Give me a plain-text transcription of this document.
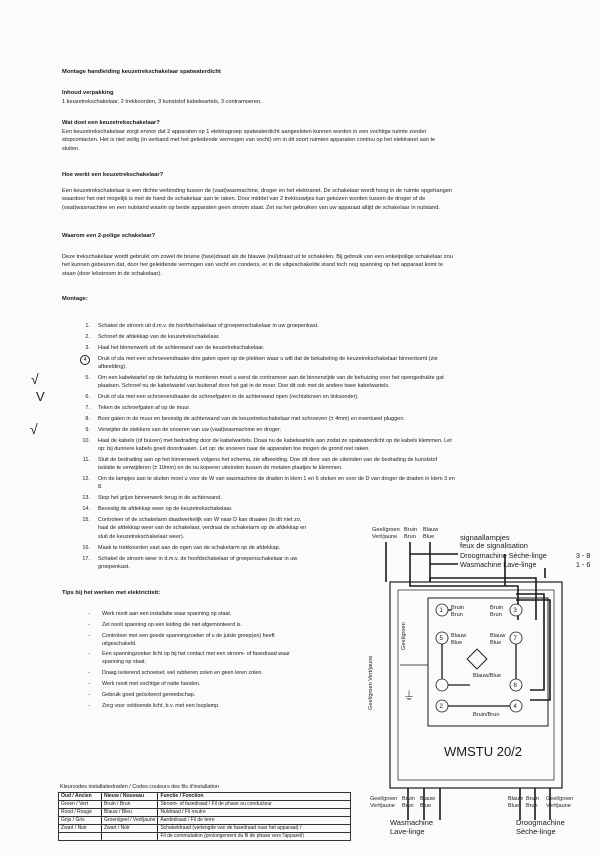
Montage handleiding keuzetrekschakelaar spatwaterdicht
Inhoud verpakking
1 keuzetrekschakelaar, 2 trekkoorden, 3 kunststof kabelwartels, 3 contramoeren.
Wat doet een keuzetrekschakelaar?

Een keuzetrekschakelaar zorgt ervoor dat 2 apparaten op 1 elektragroep spatwaterdicht aangesloten kunnen worden in een vochtige ruimte zonder

stopcontacten. Het is niet veilig (in verband met het geleidende vermogen van vocht) om in dit soort ruimten apparaten continu op het elektranet aan te

sluiten.

Hoe werkt een keuzetrekschakelaar?

Een keuzetrekschakelaar is een dichte verbinding tussen de (vaat)wasmachine, droger en het elektranet. De schakelaar wordt hoog in de ruimte opgehangen

waardoor het niet mogelijk is met de hand de schakelaar aan te raken. Door middel van 2 trektouwtjes kan gekozen worden tussen de droger of de

(vaat)wasmachine en een nulstand waarin op beide apparaten geen stroom staat. Zet na het gebruiken van uw apparaat altijd de schakelaar in nulstand.

Waarom een 2-polige schakelaar?

Deze trekschakelaar wordt gebruikt om zowel de bruine (fase)draad als de blauwe (nul)draad uit te schakelen. Bij gebruik van een enkelpolige schakelaar zou

het kunnen gebeuren dat, door het geleidende vermogen van vocht en condens, er in de uitgeschakelde stand toch nog spanning op het apparaat komt te

staan (door lekstroom in de schakelaar).

Montage:
1. Schakel de stroom uit d.m.v. de hoofdschakelaar of groepenschakelaar in uw groepenkast.
2. Schroef de afdekkap van de keuzetrekschakelaar.
3. Haal het binnenwerk uit de achterwand van de keuzetrekschakelaar.
4	Druk of sla met een schroevendraaier drie gaten open op de plekken waar u wilt dat de bekabeling de keuzetrekschakelaar binnenkomt (zie
afbeelding).
5. Om een kabelwartel op de behuizing te monteren moet u eerst de contramoer aan de binnenzijde van de behuizing voor het opengedrukte gat
plaatsen. Schroef nu de kabelwartel van buitenaf door het gat in de moer. Doe dit ook met de andere twee kabelwartels.
6. Druk of sla met een schroevendraaier de schroefgaten in de achterwand open (rechtsboven en linksonder).
7. Teken de schroefgaten af op de muur.
8. Boor gaten in de muur en bevestig de achterwand van de keuzetrekschakelaar met schroeven (± 4mm) en eventueel pluggen.
9. Verwijder de stekkers van de snoeren van uw (vaat)wasmachine en droger.
10. Haal de kabels (of buizen) met bedrading door de kabelwartels. Draai nu de kabelwartels aan zodat ze spatwaterdicht op de kabels klemmen. Let
op: bij dunnere kabels goed doordraaien. Let op: de snoeren naar de apparaten toe mogen de grond niet raken.
11. Sluit de bedrading aan op het binnenwerk volgens het schema, zie afbeelding. Doe dit door van de uiteinden van de bedrading de kunststof
isolatie te verwijderen (± 10mm) en de nu koperen uiteinden tussen de metalen plaatjes te klemmen.
12. Om de lampjes aan te sluiten moet u voor de W van wasmachine de draden in klem 1 en 6 steken en voor de D van droger de draden in klem 3 en
8.
13. Stop het grijze binnenwerk terug in de achterwand.
14. Bevestig de afdekkap weer op de keuzetrekschakelaar.
15. Controleer of de schakelarm daadwerkelijk van W naar D kan draaien (is dit niet zo,
haal de afdekkap weer van de schakelaar, verdraai de schakelarm op de afdekkap en
sluit de keuzetrekschakelaar weer).
16. Maak te trekkoorden vast aan de ogen van de schakelarm op de afdekkap.
17. Schakel de stroom weer in d.m.v. de hoofdschakelaar of groepenschakelaar in uw
groepenkast.
√
V
√
Tips bij het werken met elektriciteit:
- Werk nooit aan een installatie waar spanning op staat.
- Zet nooit spanning op een leiding die niet afgemonteerd is.
- Controleer met een goede spanningzoeker of u de juiste groep(en) heeft
uitgeschakeld.
- Een spanningzoeker licht op bij het contact met een stroom- of fasedraad waar
spanning op staat.
- Draag isolerend schoeisel; wel rubberen zolen en geen leren zolen.
- Werk nooit met vochtige of natte handen.
- Gebruik goed geïsoleerd gereedschap.
- Zorg voor voldoende licht, b.v. met een looplamp.
Kleurcodes installatiedraden / Codes couleurs des fils d'installation
Oud / Ancien	Nieuw / Nouveau	Functie / Fonction
Groen / Vert	Bruin / Brun	Stroom- of fasedraad / Fil de phase ou conducteur
Rood / Rouge	Blauw / Bleu	Nuldraad / Fil neutre
Grijs / Gris	Groen/geel / Vert/jaune	Aardedraad / Fil de terre
Zwart / Noir	Zwart / Noir	Schakeldraad (verlengde van de fasedraad naar het apparaat) /
		Fil de commutation (prolongement du fil de phase vers l'appareil)
Geel/groen
Vert/jaune
Bruin
Brun
Blauw
Blue	signaallampjes
feux de signalisation
Droogmachine Sèche-linge	3 - 8
Wasmachine Lave-linge	1 - 6
Geel/groen Vert/jaune
Geel/groen
1	3
5	7
8
2	4
Bruin
Brun
Bruin
Brun
Blauw
Blue
Blauw
Blue
Blauw/Blue
Bruin/Brun
⏚
WMSTU 20/2
Geel/groen
Vert/jaune
Bruin
Brun
Blauw
Blue
Blauw
Blue
Bruin
Brun
Geel/groen
Vert/jaune
Wasmachine
Lave-linge
Droogmachine
Sèche-linge
